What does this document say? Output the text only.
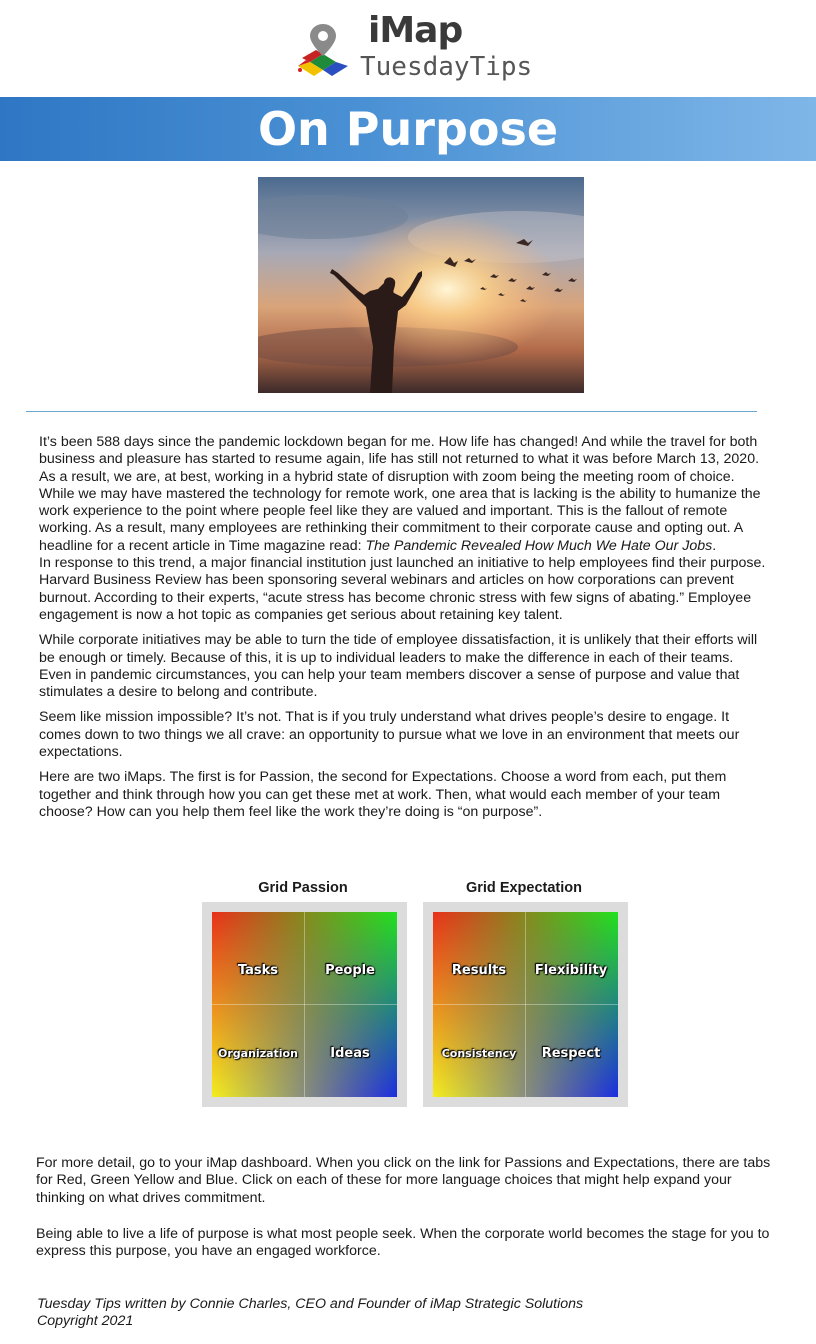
iMap
TuesdayTips
On Purpose

It’s been 588 days since the pandemic lockdown began for me. How life has changed! And while the travel for both business and pleasure has started to resume again, life has still not returned to what it was before March 13, 2020. As a result, we are, at best, working in a hybrid state of disruption with zoom being the meeting room of choice.

While we may have mastered the technology for remote work, one area that is lacking is the ability to humanize the work experience to the point where people feel like they are valued and important. This is the fallout of remote working. As a result, many employees are rethinking their commitment to their corporate cause and opting out. A headline for a recent article in Time magazine read: The Pandemic Revealed How Much We Hate Our Jobs.

In response to this trend, a major financial institution just launched an initiative to help employees find their purpose. Harvard Business Review has been sponsoring several webinars and articles on how corporations can prevent burnout. According to their experts, “acute stress has become chronic stress with few signs of abating.” Employee engagement is now a hot topic as companies get serious about retaining key talent.

While corporate initiatives may be able to turn the tide of employee dissatisfaction, it is unlikely that their efforts will be enough or timely. Because of this, it is up to individual leaders to make the difference in each of their teams. Even in pandemic circumstances, you can help your team members discover a sense of purpose and value that stimulates a desire to belong and contribute.

Seem like mission impossible? It’s not. That is if you truly understand what drives people’s desire to engage. It comes down to two things we all crave: an opportunity to pursue what we love in an environment that meets our expectations.

Here are two iMaps. The first is for Passion, the second for Expectations. Choose a word from each, put them together and think through how you can get these met at work. Then, what would each member of your team choose? How can you help them feel like the work they’re doing is “on purpose”.

Grid Passion
Tasks	People
Organization	Ideas
Grid Expectation
Results	Flexibility
Consistency	Respect

For more detail, go to your iMap dashboard. When you click on the link for Passions and Expectations, there are tabs for Red, Green Yellow and Blue. Click on each of these for more language choices that might help expand your thinking on what drives commitment.

Being able to live a life of purpose is what most people seek. When the corporate world becomes the stage for you to express this purpose, you have an engaged workforce.

Tuesday Tips written by Connie Charles, CEO and Founder of iMap Strategic Solutions
Copyright 2021
